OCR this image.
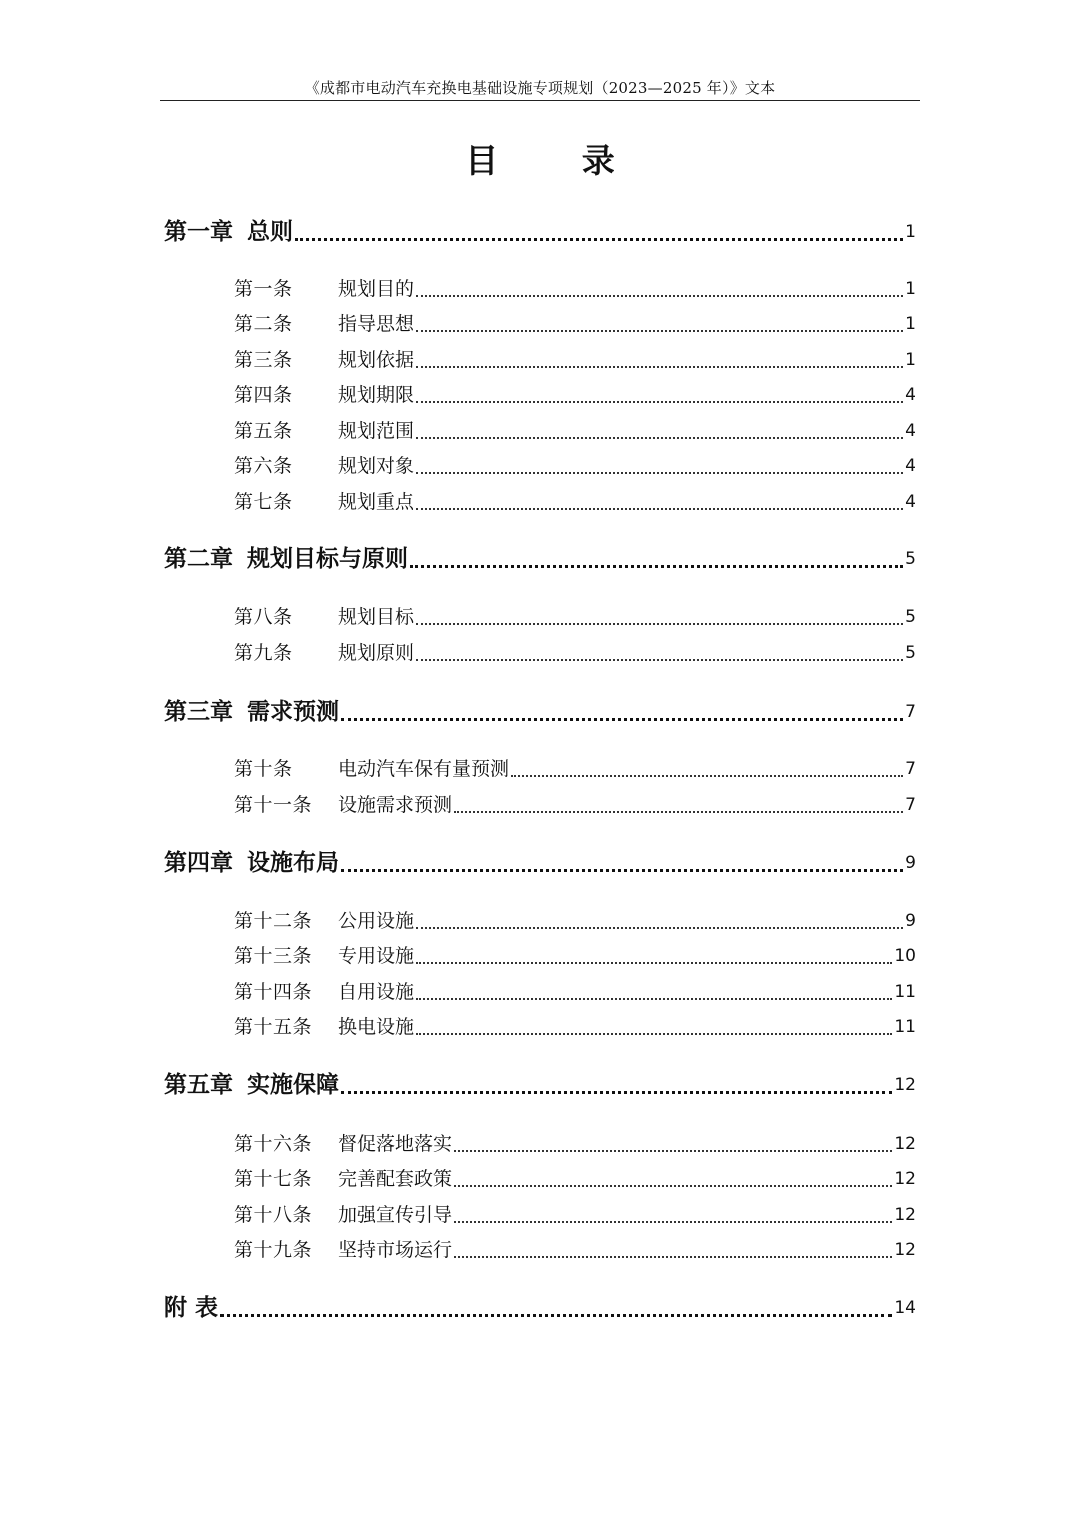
《成都市电动汽车充换电基础设施专项规划（2023—2025 年）》文本
目 录
第一章 总则	1
第一条	规划目的	1
第二条	指导思想	1
第三条	规划依据	1
第四条	规划期限	4
第五条	规划范围	4
第六条	规划对象	4
第七条	规划重点	4
第二章 规划目标与原则	5
第八条	规划目标	5
第九条	规划原则	5
第三章 需求预测	7
第十条	电动汽车保有量预测	7
第十一条	设施需求预测	7
第四章 设施布局	9
第十二条	公用设施	9
第十三条	专用设施	10
第十四条	自用设施	11
第十五条	换电设施	11
第五章 实施保障	12
第十六条	督促落地落实	12
第十七条	完善配套政策	12
第十八条	加强宣传引导	12
第十九条	坚持市场运行	12
附 表	14
